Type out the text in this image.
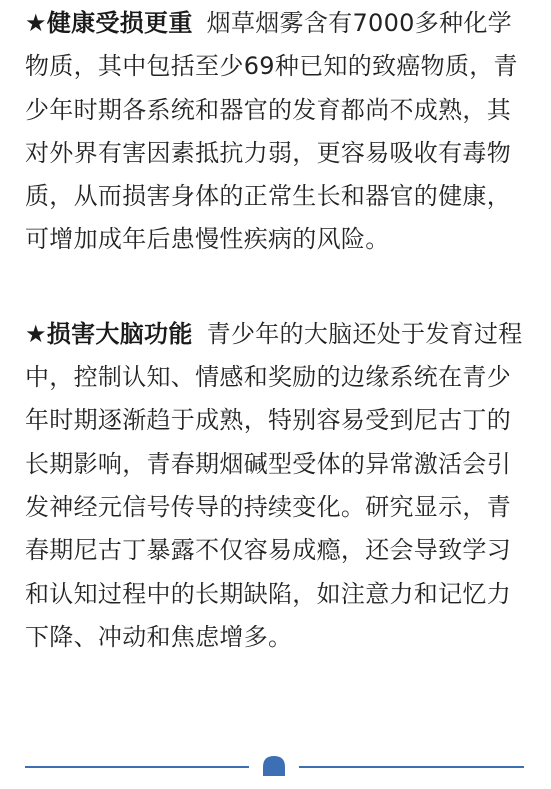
★健康受损更重 烟草烟雾含有7000多种化学物质，其中包括至少69种已知的致癌物质，青少年时期各系统和器官的发育都尚不成熟，其对外界有害因素抵抗力弱，更容易吸收有毒物质，从而损害身体的正常生长和器官的健康，可增加成年后患慢性疾病的风险。

★损害大脑功能 青少年的大脑还处于发育过程中，控制认知、情感和奖励的边缘系统在青少年时期逐渐趋于成熟，特别容易受到尼古丁的长期影响，青春期烟碱型受体的异常激活会引发神经元信号传导的持续变化。研究显示，青春期尼古丁暴露不仅容易成瘾，还会导致学习和认知过程中的长期缺陷，如注意力和记忆力下降、冲动和焦虑增多。
